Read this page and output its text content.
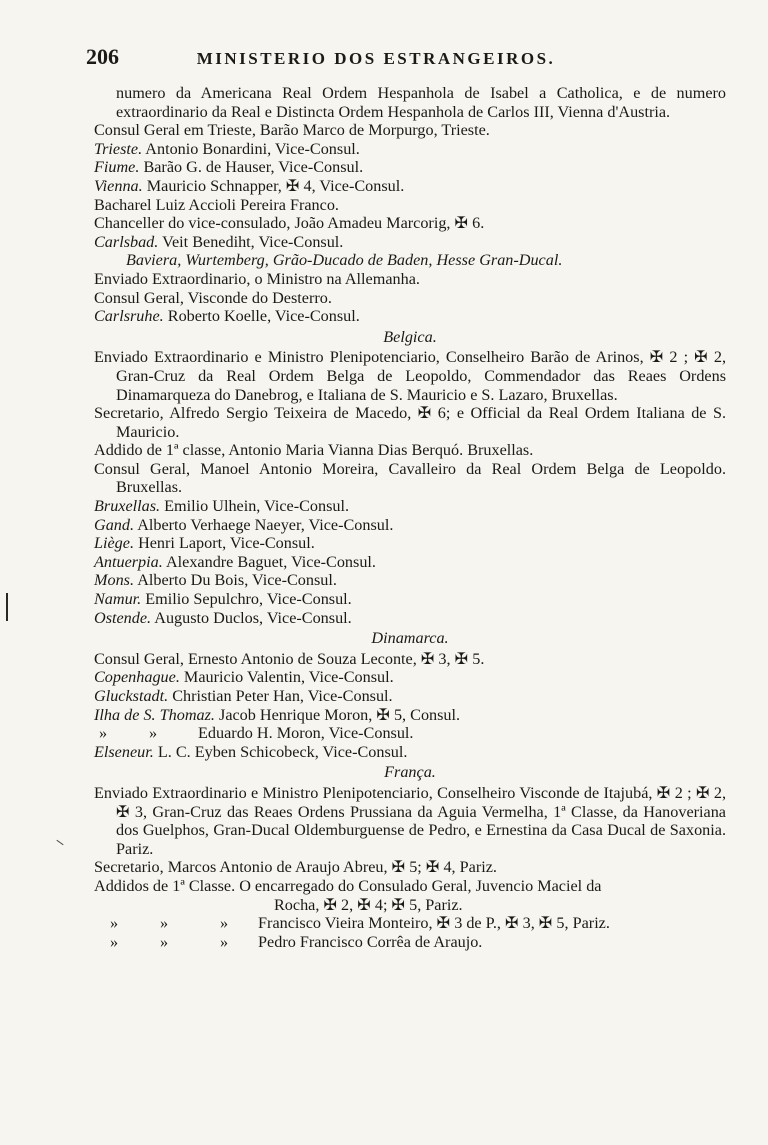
206	MINISTERIO DOS ESTRANGEIROS.
numero da Americana Real Ordem Hespanhola de Isabel a Catholica, e de numero extraordinario da Real e Distincta Ordem Hespanhola de Carlos III, Vienna d'Austria.
Consul Geral em Trieste, Barão Marco de Morpurgo, Trieste.
Trieste. Antonio Bonardini, Vice-Consul.
Fiume. Barão G. de Hauser, Vice-Consul.
Vienna. Mauricio Schnapper, ✠ 4, Vice-Consul.
Bacharel Luiz Accioli Pereira Franco.
Chanceller do vice-consulado, João Amadeu Marcorig, ✠ 6.
Carlsbad. Veit Benediht, Vice-Consul.
Baviera, Wurtemberg, Grão-Ducado de Baden, Hesse Gran-Ducal.
Enviado Extraordinario, o Ministro na Allemanha.
Consul Geral, Visconde do Desterro.
Carlsruhe. Roberto Koelle, Vice-Consul.
Belgica.
Enviado Extraordinario e Ministro Plenipotenciario, Conselheiro Barão de Arinos, ✠ 2 ; ✠ 2, Gran-Cruz da Real Ordem Belga de Leopoldo, Commendador das Reaes Ordens Dinamarqueza do Danebrog, e Italiana de S. Mauricio e S. Lazaro, Bruxellas.
Secretario, Alfredo Sergio Teixeira de Macedo, ✠ 6; e Official da Real Ordem Italiana de S. Mauricio.
Addido de 1ª classe, Antonio Maria Vianna Dias Berquó. Bruxellas.
Consul Geral, Manoel Antonio Moreira, Cavalleiro da Real Ordem Belga de Leopoldo. Bruxellas.
Bruxellas. Emilio Ulhein, Vice-Consul.
Gand. Alberto Verhaege Naeyer, Vice-Consul.
Liège. Henri Laport, Vice-Consul.
Antuerpia. Alexandre Baguet, Vice-Consul.
Mons. Alberto Du Bois, Vice-Consul.
Namur. Emilio Sepulchro, Vice-Consul.
Ostende. Augusto Duclos, Vice-Consul.
Dinamarca.
Consul Geral, Ernesto Antonio de Souza Leconte, ✠ 3, ✠ 5.
Copenhague. Mauricio Valentin, Vice-Consul.
Gluckstadt. Christian Peter Han, Vice-Consul.
Ilha de S. Thomaz. Jacob Henrique Moron, ✠ 5, Consul.
»	»	Eduardo H. Moron, Vice-Consul.
Elseneur. L. C. Eyben Schicobeck, Vice-Consul.
França.
Enviado Extraordinario e Ministro Plenipotenciario, Conselheiro Visconde de Itajubá, ✠ 2 ; ✠ 2, ✠ 3, Gran-Cruz das Reaes Ordens Prussiana da Aguia Vermelha, 1ª Classe, da Hanoveriana dos Guelphos, Gran-Ducal Oldemburguense de Pedro, e Ernestina da Casa Ducal de Saxonia. Pariz.
Secretario, Marcos Antonio de Araujo Abreu, ✠ 5; ✠ 4, Pariz.
Addidos de 1ª Classe. O encarregado do Consulado Geral, Juvencio Maciel da
Rocha, ✠ 2, ✠ 4; ✠ 5, Pariz.
»	»	» Francisco Vieira Monteiro, ✠ 3 de P., ✠ 3, ✠ 5, Pariz.
»	»	» Pedro Francisco Corrêa de Araujo.
